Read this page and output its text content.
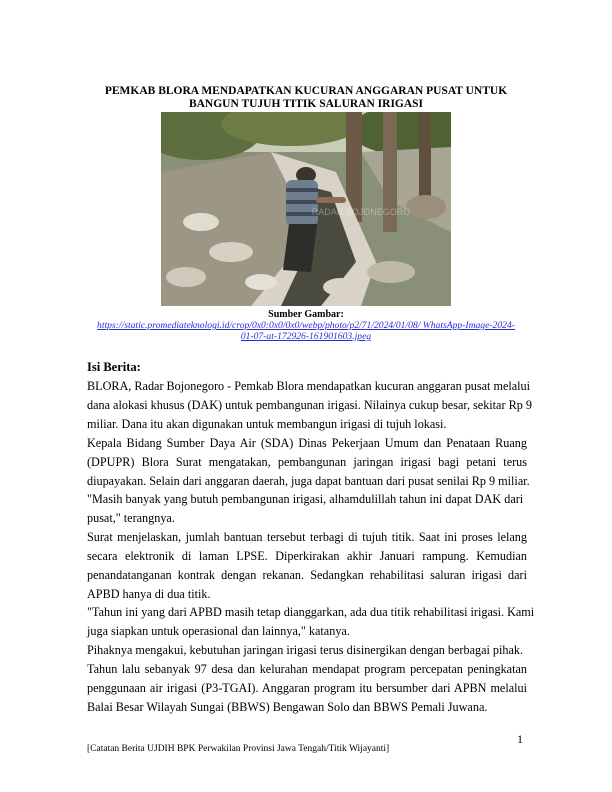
PEMKAB BLORA MENDAPATKAN KUCURAN ANGGARAN PUSAT UNTUK
BANGUN TUJUH TITIK SALURAN IRIGASI
RADAR BOJONEGORO
Sumber Gambar:
https://static.promediateknologi.id/crop/0x0:0x0/0x0/webp/photo/p2/71/2024/01/08/ WhatsApp-Image-2024-
01-07-at-172926-161901603.jpeg
Isi Berita:
BLORA, Radar Bojonegoro - Pemkab Blora mendapatkan kucuran anggaran pusat melalui
dana alokasi khusus (DAK) untuk pembangunan irigasi. Nilainya cukup besar, sekitar Rp 9
miliar. Dana itu akan digunakan untuk membangun irigasi di tujuh lokasi.
Kepala Bidang Sumber Daya Air (SDA) Dinas Pekerjaan Umum dan Penataan Ruang
(DPUPR) Blora Surat mengatakan, pembangunan jaringan irigasi bagi petani terus
diupayakan. Selain dari anggaran daerah, juga dapat bantuan dari pusat senilai Rp 9 miliar.
"Masih banyak yang butuh pembangunan irigasi, alhamdulillah tahun ini dapat DAK dari
pusat," terangnya.
Surat menjelaskan, jumlah bantuan tersebut terbagi di tujuh titik. Saat ini proses lelang
secara elektronik di laman LPSE. Diperkirakan akhir Januari rampung. Kemudian
penandatanganan kontrak dengan rekanan. Sedangkan rehabilitasi saluran irigasi dari
APBD hanya di dua titik.
"Tahun ini yang dari APBD masih tetap dianggarkan, ada dua titik rehabilitasi irigasi. Kami
juga siapkan untuk operasional dan lainnya," katanya.
Pihaknya mengakui, kebutuhan jaringan irigasi terus disinergikan dengan berbagai pihak.
Tahun lalu sebanyak 97 desa dan kelurahan mendapat program percepatan peningkatan
penggunaan air irigasi (P3-TGAI). Anggaran program itu bersumber dari APBN melalui
Balai Besar Wilayah Sungai (BBWS) Bengawan Solo dan BBWS Pemali Juwana.
1
[Catatan Berita UJDIH BPK Perwakilan Provinsi Jawa Tengah/Titik Wijayanti]
